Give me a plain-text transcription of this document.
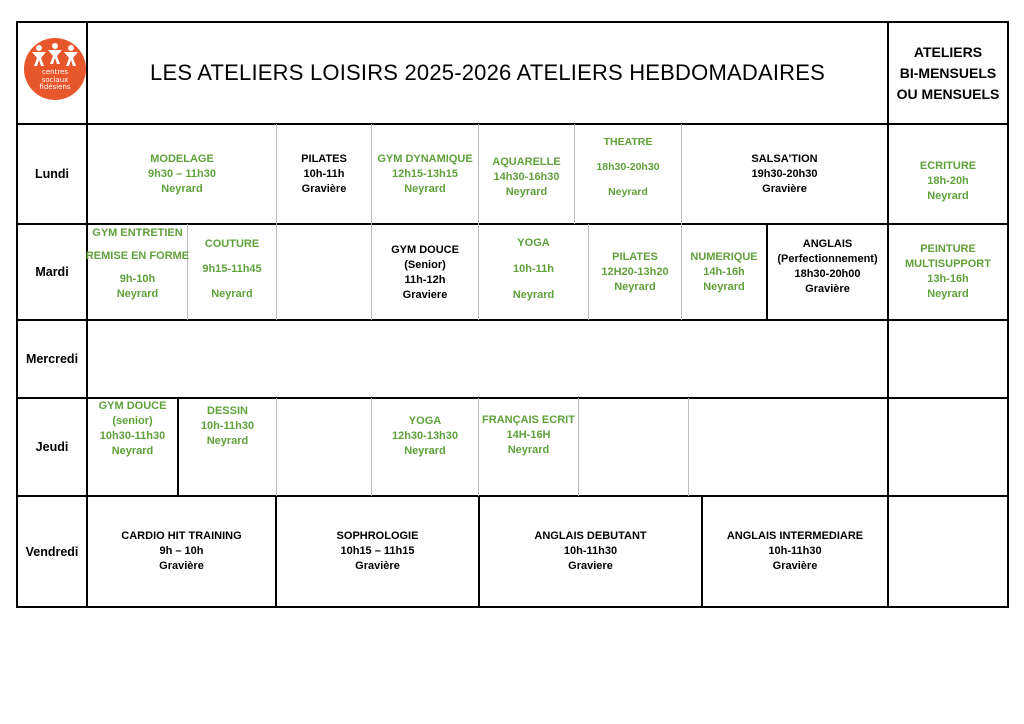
centres
sociaux
fidésiens
LES ATELIERS LOISIRS 2025-2026 ATELIERS HEBDOMADAIRES
ATELIERS
BI-MENSUELS
OU MENSUELS
Lundi
Mardi
Mercredi
Jeudi
Vendredi
MODELAGE
9h30 – 11h30
Neyrard
PILATES
10h-11h
Gravière
GYM DYNAMIQUE
12h15-13h15
Neyrard
AQUARELLE
14h30-16h30
Neyrard
THEATRE
18h30-20h30
Neyrard
SALSA'TION
19h30-20h30
Gravière
ECRITURE
18h-20h
Neyrard
GYM ENTRETIEN
REMISE EN FORME
9h-10h
Neyrard
COUTURE
9h15-11h45
Neyrard
GYM DOUCE
(Senior)
11h-12h
Graviere
YOGA
10h-11h
Neyrard
PILATES
12H20-13h20
Neyrard
NUMERIQUE
14h-16h
Neyrard
ANGLAIS
(Perfectionnement)
18h30-20h00
Gravière
PEINTURE
MULTISUPPORT
13h-16h
Neyrard
GYM DOUCE
(senior)
10h30-11h30
Neyrard
DESSIN
10h-11h30
Neyrard
YOGA
12h30-13h30
Neyrard
FRANÇAIS ECRIT
14H-16H
Neyrard
CARDIO HIT TRAINING
9h – 10h
Gravière
SOPHROLOGIE
10h15 – 11h15
Gravière
ANGLAIS DEBUTANT
10h-11h30
Graviere
ANGLAIS INTERMEDIARE
10h-11h30
Gravière
